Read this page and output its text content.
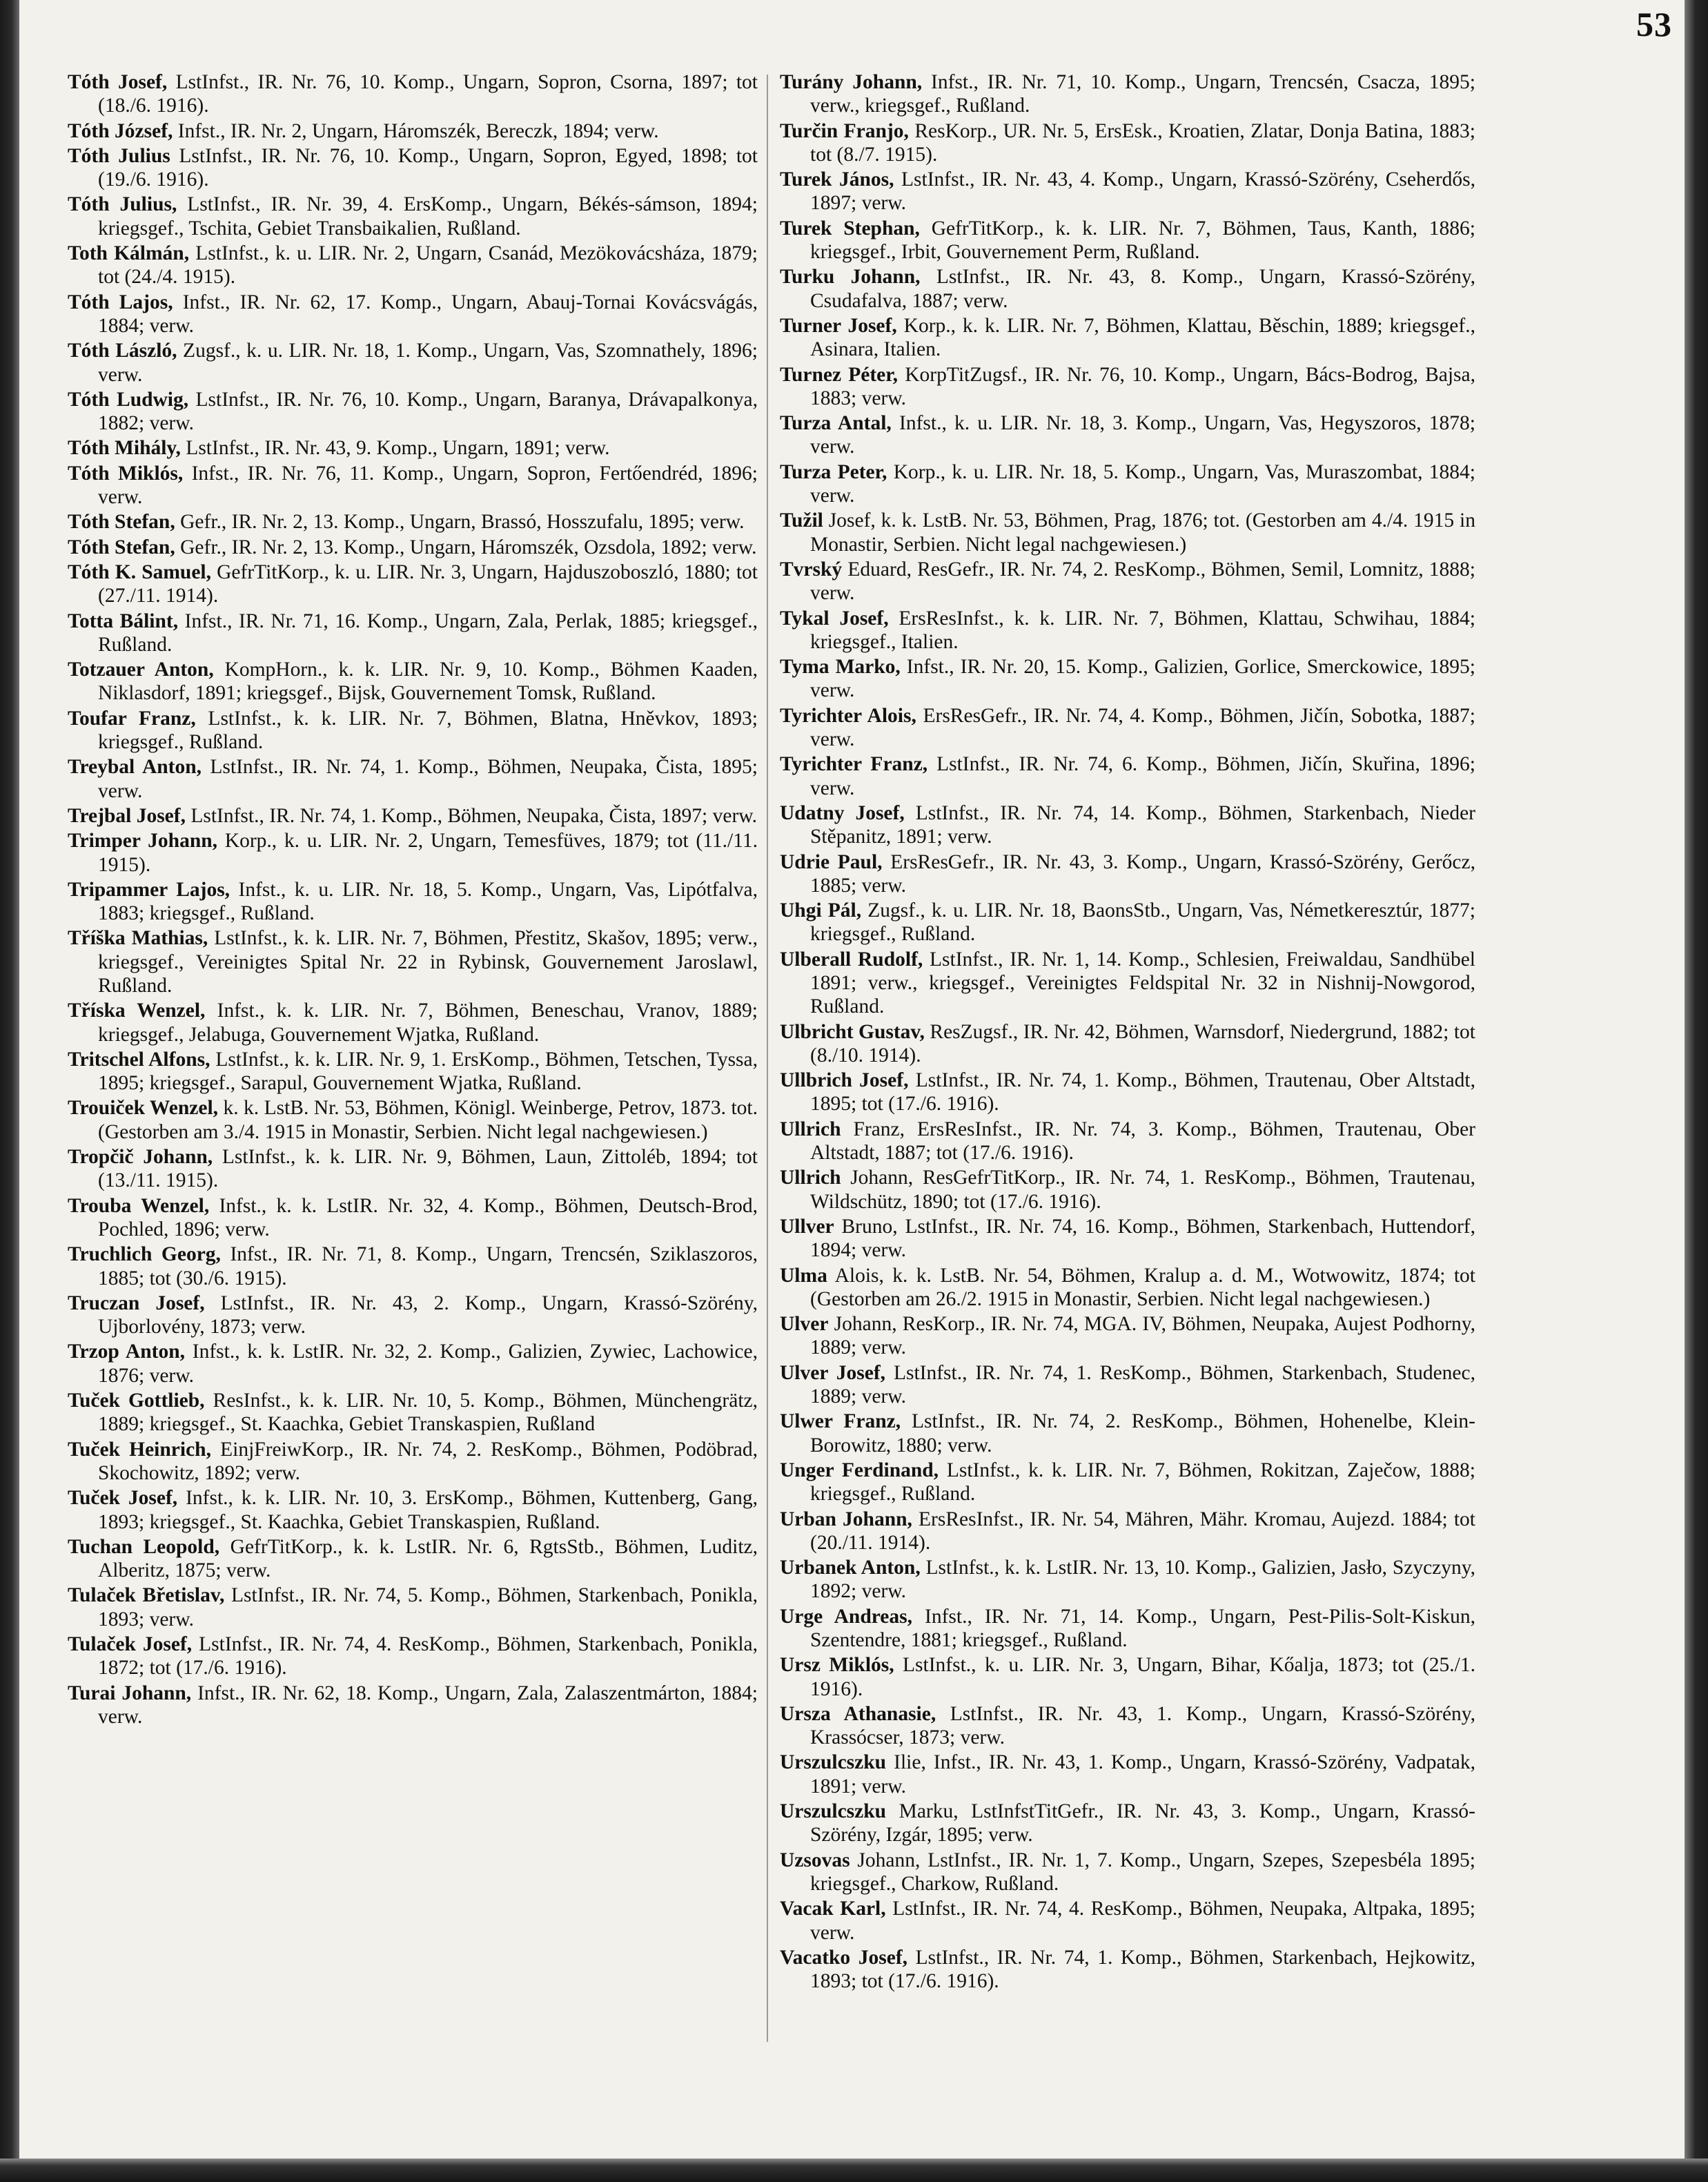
53
Tóth Josef, LstInfst., IR. Nr. 76, 10. Komp., Ungarn, Sopron, Csorna, 1897; tot (18./6. 1916).
Tóth József, Infst., IR. Nr. 2, Ungarn, Háromszék, Bereczk, 1894; verw.
Tóth Julius LstInfst., IR. Nr. 76, 10. Komp., Ungarn, Sopron, Egyed, 1898; tot (19./6. 1916).
Tóth Julius, LstInfst., IR. Nr. 39, 4. ErsKomp., Ungarn, Békés-sámson, 1894; kriegsgef., Tschita, Gebiet Transbaikalien, Rußland.
Toth Kálmán, LstInfst., k. u. LIR. Nr. 2, Ungarn, Csanád, Mezökovácsháza, 1879; tot (24./4. 1915).
Tóth Lajos, Infst., IR. Nr. 62, 17. Komp., Ungarn, Abauj-Tornai Kovácsvágás, 1884; verw.
Tóth László, Zugsf., k. u. LIR. Nr. 18, 1. Komp., Ungarn, Vas, Szomnathely, 1896; verw.
Tóth Ludwig, LstInfst., IR. Nr. 76, 10. Komp., Ungarn, Baranya, Drávapalkonya, 1882; verw.
Tóth Mihály, LstInfst., IR. Nr. 43, 9. Komp., Ungarn, 1891; verw.
Tóth Miklós, Infst., IR. Nr. 76, 11. Komp., Ungarn, Sopron, Fertőendréd, 1896; verw.
Tóth Stefan, Gefr., IR. Nr. 2, 13. Komp., Ungarn, Brassó, Hosszufalu, 1895; verw.
Tóth Stefan, Gefr., IR. Nr. 2, 13. Komp., Ungarn, Háromszék, Ozsdola, 1892; verw.
Tóth K. Samuel, GefrTitKorp., k. u. LIR. Nr. 3, Ungarn, Hajduszoboszló, 1880; tot (27./11. 1914).
Totta Bálint, Infst., IR. Nr. 71, 16. Komp., Ungarn, Zala, Perlak, 1885; kriegsgef., Rußland.
Totzauer Anton, KompHorn., k. k. LIR. Nr. 9, 10. Komp., Böhmen Kaaden, Niklasdorf, 1891; kriegsgef., Bijsk, Gouvernement Tomsk, Rußland.
Toufar Franz, LstInfst., k. k. LIR. Nr. 7, Böhmen, Blatna, Hněvkov, 1893; kriegsgef., Rußland.
Treybal Anton, LstInfst., IR. Nr. 74, 1. Komp., Böhmen, Neupaka, Čista, 1895; verw.
Trejbal Josef, LstInfst., IR. Nr. 74, 1. Komp., Böhmen, Neupaka, Čista, 1897; verw.
Trimper Johann, Korp., k. u. LIR. Nr. 2, Ungarn, Temesfüves, 1879; tot (11./11. 1915).
Tripammer Lajos, Infst., k. u. LIR. Nr. 18, 5. Komp., Ungarn, Vas, Lipótfalva, 1883; kriegsgef., Rußland.
Tříška Mathias, LstInfst., k. k. LIR. Nr. 7, Böhmen, Přestitz, Skašov, 1895; verw., kriegsgef., Vereinigtes Spital Nr. 22 in Rybinsk, Gouvernement Jaroslawl, Rußland.
Tříska Wenzel, Infst., k. k. LIR. Nr. 7, Böhmen, Beneschau, Vranov, 1889; kriegsgef., Jelabuga, Gouvernement Wjatka, Rußland.
Tritschel Alfons, LstInfst., k. k. LIR. Nr. 9, 1. ErsKomp., Böhmen, Tetschen, Tyssa, 1895; kriegsgef., Sarapul, Gouvernement Wjatka, Rußland.
Trouiček Wenzel, k. k. LstB. Nr. 53, Böhmen, Königl. Weinberge, Petrov, 1873. tot. (Gestorben am 3./4. 1915 in Monastir, Serbien. Nicht legal nachgewiesen.)
Tropčič Johann, LstInfst., k. k. LIR. Nr. 9, Böhmen, Laun, Zittoléb, 1894; tot (13./11. 1915).
Trouba Wenzel, Infst., k. k. LstIR. Nr. 32, 4. Komp., Böhmen, Deutsch-Brod, Pochled, 1896; verw.
Truchlich Georg, Infst., IR. Nr. 71, 8. Komp., Ungarn, Trencsén, Sziklaszoros, 1885; tot (30./6. 1915).
Truczan Josef, LstInfst., IR. Nr. 43, 2. Komp., Ungarn, Krassó-Szörény, Ujborlovény, 1873; verw.
Trzop Anton, Infst., k. k. LstIR. Nr. 32, 2. Komp., Galizien, Zywiec, Lachowice, 1876; verw.
Tuček Gottlieb, ResInfst., k. k. LIR. Nr. 10, 5. Komp., Böhmen, Münchengrätz, 1889; kriegsgef., St. Kaachka, Gebiet Transkaspien, Rußland
Tuček Heinrich, EinjFreiwKorp., IR. Nr. 74, 2. ResKomp., Böhmen, Podöbrad, Skochowitz, 1892; verw.
Tuček Josef, Infst., k. k. LIR. Nr. 10, 3. ErsKomp., Böhmen, Kuttenberg, Gang, 1893; kriegsgef., St. Kaachka, Gebiet Transkaspien, Rußland.
Tuchan Leopold, GefrTitKorp., k. k. LstIR. Nr. 6, RgtsStb., Böhmen, Luditz, Alberitz, 1875; verw.
Tulaček Břetislav, LstInfst., IR. Nr. 74, 5. Komp., Böhmen, Starkenbach, Ponikla, 1893; verw.
Tulaček Josef, LstInfst., IR. Nr. 74, 4. ResKomp., Böhmen, Starkenbach, Ponikla, 1872; tot (17./6. 1916).
Turai Johann, Infst., IR. Nr. 62, 18. Komp., Ungarn, Zala, Zalaszentmárton, 1884; verw.
Turány Johann, Infst., IR. Nr. 71, 10. Komp., Ungarn, Trencsén, Csacza, 1895; verw., kriegsgef., Rußland.
Turčin Franjo, ResKorp., UR. Nr. 5, ErsEsk., Kroatien, Zlatar, Donja Batina, 1883; tot (8./7. 1915).
Turek János, LstInfst., IR. Nr. 43, 4. Komp., Ungarn, Krassó-Szörény, Cseherdős, 1897; verw.
Turek Stephan, GefrTitKorp., k. k. LIR. Nr. 7, Böhmen, Taus, Kanth, 1886; kriegsgef., Irbit, Gouvernement Perm, Rußland.
Turku Johann, LstInfst., IR. Nr. 43, 8. Komp., Ungarn, Krassó-Szörény, Csudafalva, 1887; verw.
Turner Josef, Korp., k. k. LIR. Nr. 7, Böhmen, Klattau, Běschin, 1889; kriegsgef., Asinara, Italien.
Turnez Péter, KorpTitZugsf., IR. Nr. 76, 10. Komp., Ungarn, Bács-Bodrog, Bajsa, 1883; verw.
Turza Antal, Infst., k. u. LIR. Nr. 18, 3. Komp., Ungarn, Vas, Hegyszoros, 1878; verw.
Turza Peter, Korp., k. u. LIR. Nr. 18, 5. Komp., Ungarn, Vas, Muraszombat, 1884; verw.
Tužil Josef, k. k. LstB. Nr. 53, Böhmen, Prag, 1876; tot. (Gestorben am 4./4. 1915 in Monastir, Serbien. Nicht legal nachgewiesen.)
Tvrský Eduard, ResGefr., IR. Nr. 74, 2. ResKomp., Böhmen, Semil, Lomnitz, 1888; verw.
Tykal Josef, ErsResInfst., k. k. LIR. Nr. 7, Böhmen, Klattau, Schwihau, 1884; kriegsgef., Italien.
Tyma Marko, Infst., IR. Nr. 20, 15. Komp., Galizien, Gorlice, Smerckowice, 1895; verw.
Tyrichter Alois, ErsResGefr., IR. Nr. 74, 4. Komp., Böhmen, Jičín, Sobotka, 1887; verw.
Tyrichter Franz, LstInfst., IR. Nr. 74, 6. Komp., Böhmen, Jičín, Skuřina, 1896; verw.
Udatny Josef, LstInfst., IR. Nr. 74, 14. Komp., Böhmen, Starkenbach, Nieder Stěpanitz, 1891; verw.
Udrie Paul, ErsResGefr., IR. Nr. 43, 3. Komp., Ungarn, Krassó-Szörény, Gerőcz, 1885; verw.
Uhgi Pál, Zugsf., k. u. LIR. Nr. 18, BaonsStb., Ungarn, Vas, Németkeresztúr, 1877; kriegsgef., Rußland.
Ulberall Rudolf, LstInfst., IR. Nr. 1, 14. Komp., Schlesien, Freiwaldau, Sandhübel 1891; verw., kriegsgef., Vereinigtes Feldspital Nr. 32 in Nishnij-Nowgorod, Rußland.
Ulbricht Gustav, ResZugsf., IR. Nr. 42, Böhmen, Warnsdorf, Niedergrund, 1882; tot (8./10. 1914).
Ullbrich Josef, LstInfst., IR. Nr. 74, 1. Komp., Böhmen, Trautenau, Ober Altstadt, 1895; tot (17./6. 1916).
Ullrich Franz, ErsResInfst., IR. Nr. 74, 3. Komp., Böhmen, Trautenau, Ober Altstadt, 1887; tot (17./6. 1916).
Ullrich Johann, ResGefrTitKorp., IR. Nr. 74, 1. ResKomp., Böhmen, Trautenau, Wildschütz, 1890; tot (17./6. 1916).
Ullver Bruno, LstInfst., IR. Nr. 74, 16. Komp., Böhmen, Starkenbach, Huttendorf, 1894; verw.
Ulma Alois, k. k. LstB. Nr. 54, Böhmen, Kralup a. d. M., Wotwowitz, 1874; tot (Gestorben am 26./2. 1915 in Monastir, Serbien. Nicht legal nachgewiesen.)
Ulver Johann, ResKorp., IR. Nr. 74, MGA. IV, Böhmen, Neupaka, Aujest Podhorny, 1889; verw.
Ulver Josef, LstInfst., IR. Nr. 74, 1. ResKomp., Böhmen, Starkenbach, Studenec, 1889; verw.
Ulwer Franz, LstInfst., IR. Nr. 74, 2. ResKomp., Böhmen, Hohenelbe, Klein-Borowitz, 1880; verw.
Unger Ferdinand, LstInfst., k. k. LIR. Nr. 7, Böhmen, Rokitzan, Zaječow, 1888; kriegsgef., Rußland.
Urban Johann, ErsResInfst., IR. Nr. 54, Mähren, Mähr. Kromau, Aujezd. 1884; tot (20./11. 1914).
Urbanek Anton, LstInfst., k. k. LstIR. Nr. 13, 10. Komp., Galizien, Jasło, Szyczyny, 1892; verw.
Urge Andreas, Infst., IR. Nr. 71, 14. Komp., Ungarn, Pest-Pilis-Solt-Kiskun, Szentendre, 1881; kriegsgef., Rußland.
Ursz Miklós, LstInfst., k. u. LIR. Nr. 3, Ungarn, Bihar, Kőalja, 1873; tot (25./1. 1916).
Ursza Athanasie, LstInfst., IR. Nr. 43, 1. Komp., Ungarn, Krassó-Szörény, Krassócser, 1873; verw.
Urszulcszku Ilie, Infst., IR. Nr. 43, 1. Komp., Ungarn, Krassó-Szörény, Vadpatak, 1891; verw.
Urszulcszku Marku, LstInfstTitGefr., IR. Nr. 43, 3. Komp., Ungarn, Krassó-Szörény, Izgár, 1895; verw.
Uzsovas Johann, LstInfst., IR. Nr. 1, 7. Komp., Ungarn, Szepes, Szepesbéla 1895; kriegsgef., Charkow, Rußland.
Vacak Karl, LstInfst., IR. Nr. 74, 4. ResKomp., Böhmen, Neupaka, Altpaka, 1895; verw.
Vacatko Josef, LstInfst., IR. Nr. 74, 1. Komp., Böhmen, Starkenbach, Hejkowitz, 1893; tot (17./6. 1916).
